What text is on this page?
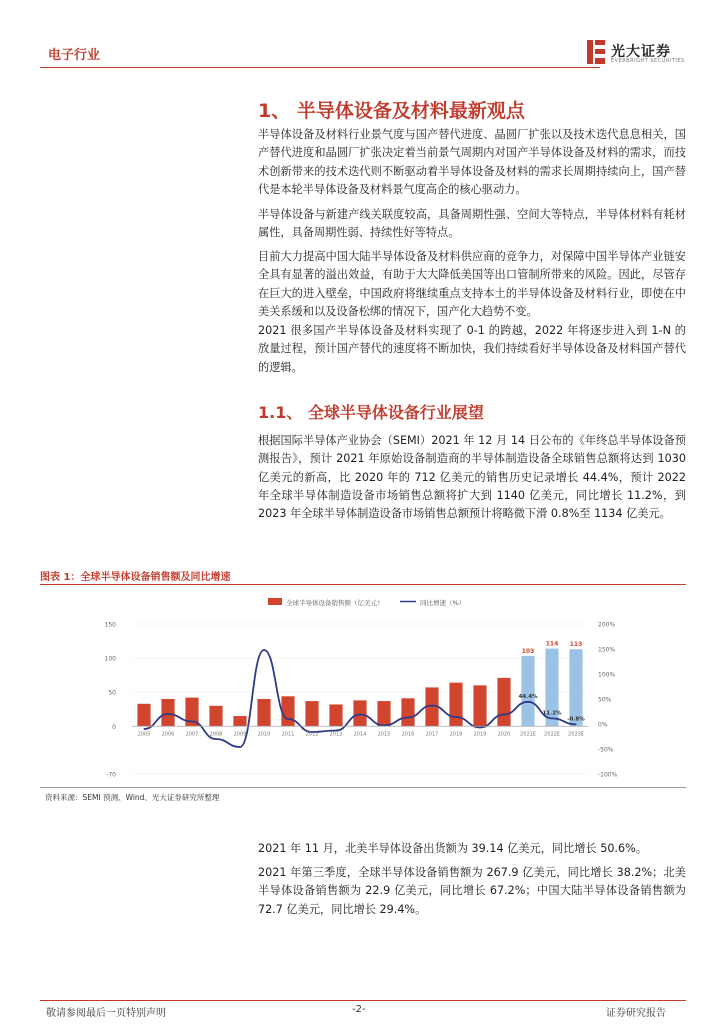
电子行业	光大证券
EVERBRIGHT SECURITIES
1、 半导体设备及材料最新观点

半导体设备及材料行业景气度与国产替代进度、晶圆厂扩张以及技术迭代息息相关，国产替代进度和晶圆厂扩张决定着当前景气周期内对国产半导体设备及材料的需求，而技术创新带来的技术迭代则不断驱动着半导体设备及材料的需求长周期持续向上，国产替代是本轮半导体设备及材料景气度高企的核心驱动力。

半导体设备与新建产线关联度较高，具备周期性强、空间大等特点，半导体材料有耗材属性，具备周期性弱、持续性好等特点。

目前大力提高中国大陆半导体设备及材料供应商的竞争力，对保障中国半导体产业链安全具有显著的溢出效益，有助于大大降低美国等出口管制所带来的风险。因此，尽管存在巨大的进入壁垒，中国政府将继续重点支持本土的半导体设备及材料行业，即使在中美关系缓和以及设备松绑的情况下，国产化大趋势不变。

2021 很多国产半导体设备及材料实现了 0-1 的跨越，2022 年将逐步进入到 1-N 的放量过程，预计国产替代的速度将不断加快，我们持续看好半导体设备及材料国产替代的逻辑。

1.1、 全球半导体设备行业展望

根据国际半导体产业协会（SEMI）2021 年 12 月 14 日公布的《年终总半导体设备预测报告》，预计 2021 年原始设备制造商的半导体制造设备全球销售总额将达到 1030 亿美元的新高，比 2020 年的 712 亿美元的销售历史记录增长 44.4%，预计 2022 年全球半导体制造设备市场销售总额将扩大到 1140 亿美元，同比增长 11.2%，到 2023 年全球半导体制造设备市场销售总额预计将略微下滑 0.8%至 1134 亿美元。

图表 1：全球半导体设备销售额及同比增速
全球半导体设备销售额（亿美元）	同比增速（%）
103
114 113
44.4%
11.2%
-0.8%
150
100
50
0
-70
200%
150%
100%
50%
0%
-50%
-100%
2005 2006 2007 2008 2009 2010 2011 2012 2013 2014 2015 2016 2017 2018 2019 2020 2021E 2022E 2023E
资料来源：SEMI 预测、Wind、光大证券研究所整理

2021 年 11 月，北美半导体设备出货额为 39.14 亿美元，同比增长 50.6%。

2021 年第三季度，全球半导体设备销售额为 267.9 亿美元，同比增长 38.2%；北美半导体设备销售额为 22.9 亿美元，同比增长 67.2%；中国大陆半导体设备销售额为 72.7 亿美元，同比增长 29.4%。

敬请参阅最后一页特别声明	-2-	证券研究报告
